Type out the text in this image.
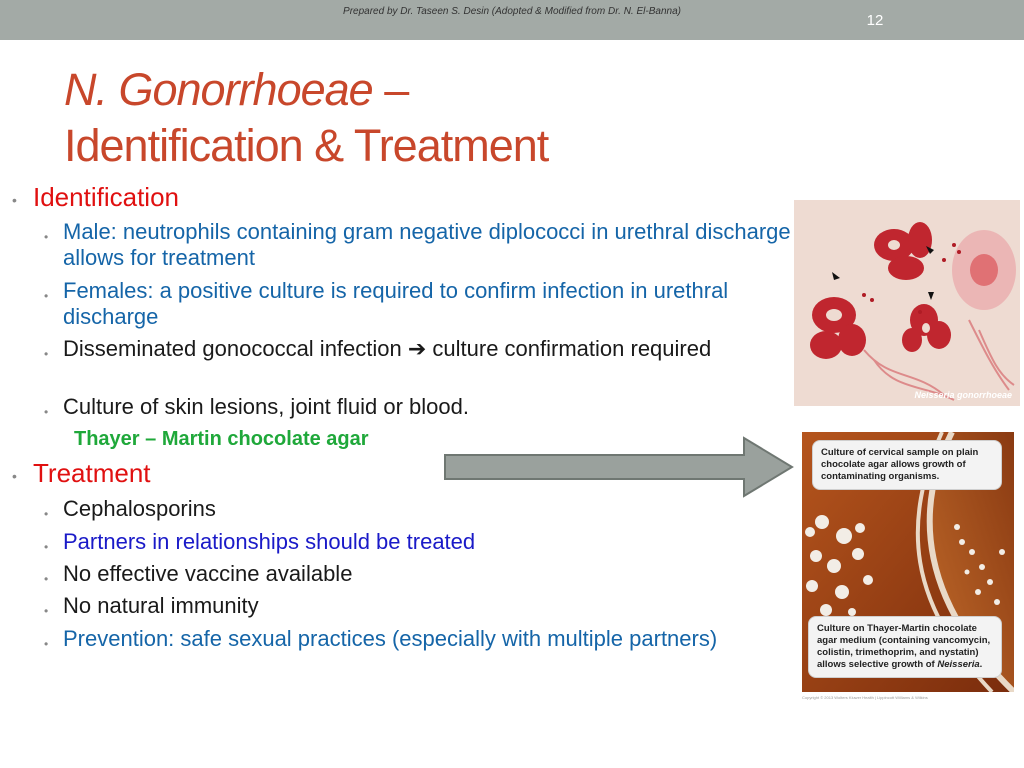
Prepared by Dr. Taseen S. Desin (Adopted & Modified from Dr. N. El-Banna)
12
N. Gonorrhoeae –
Identification & Treatment
• Identification
• Male: neutrophils containing gram negative diplococci in urethral discharge allows for treatment
• Females: a positive culture is required to confirm infection in urethral discharge
• Disseminated gonococcal infection ➔ culture confirmation required
• Culture of skin lesions, joint fluid or blood.
Thayer – Martin chocolate agar
• Treatment
• Cephalosporins
• Partners in relationships should be treated
• No effective vaccine available
• No natural immunity
• Prevention: safe sexual practices (especially with multiple partners)
Neisseria gonorrhoeae
Culture of cervical sample on plain chocolate agar allows growth of contaminating organisms.
Culture on Thayer-Martin chocolate agar medium (containing vancomycin, colistin, trimethoprim, and nystatin) allows selective growth of Neisseria.
Copyright © 2013 Wolters Kluwer Health | Lippincott Williams & Wilkins
